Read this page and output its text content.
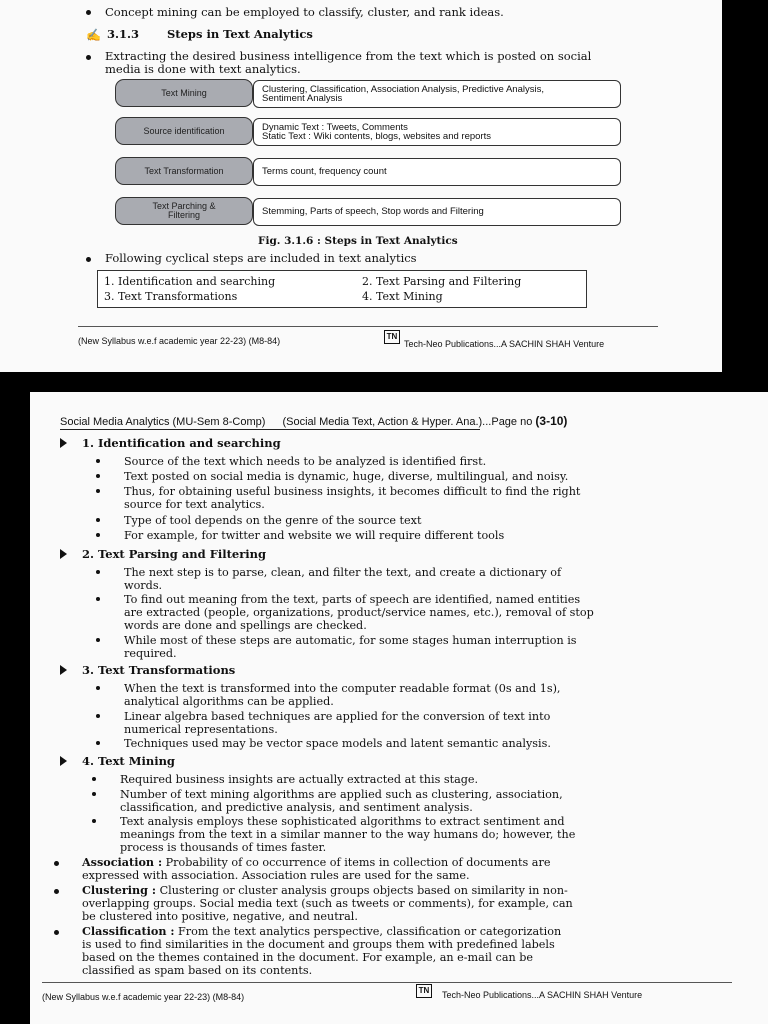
Concept mining can be employed to classify, cluster, and rank ideas.
✍ 3.1.3 Steps in Text Analytics
Extracting the desired business intelligence from the text which is posted on social
media is done with text analytics.
Text Mining	Clustering, Classification, Association Analysis, Predictive Analysis,
Sentiment Analysis
Source identification	Dynamic Text : Tweets, Comments
Static Text : Wiki contents, blogs, websites and reports
Text Transformation	Terms count, frequency count
Text Parching & Filtering	Stemming, Parts of speech, Stop words and Filtering
Fig. 3.1.6 : Steps in Text Analytics
Following cyclical steps are included in text analytics
1. Identification and searching	2. Text Parsing and Filtering
3. Text Transformations	4. Text Mining
(New Syllabus w.e.f academic year 22-23) (M8-84)	TN
Tech-Neo Publications...A SACHIN SHAH Venture
Social Media Analytics (MU-Sem 8-Comp) (Social Media Text, Action & Hyper. Ana.)...Page no (3-10)
1. Identification and searching
Source of the text which needs to be analyzed is identified first.
Text posted on social media is dynamic, huge, diverse, multilingual, and noisy.
Thus, for obtaining useful business insights, it becomes difficult to find the right
source for text analytics.
Type of tool depends on the genre of the source text
For example, for twitter and website we will require different tools
2. Text Parsing and Filtering
The next step is to parse, clean, and filter the text, and create a dictionary of
words.
To find out meaning from the text, parts of speech are identified, named entities
are extracted (people, organizations, product/service names, etc.), removal of stop
words are done and spellings are checked.
While most of these steps are automatic, for some stages human interruption is
required.
3. Text Transformations
When the text is transformed into the computer readable format (0s and 1s),
analytical algorithms can be applied.
Linear algebra based techniques are applied for the conversion of text into
numerical representations.
Techniques used may be vector space models and latent semantic analysis.
4. Text Mining
Required business insights are actually extracted at this stage.
Number of text mining algorithms are applied such as clustering, association,
classification, and predictive analysis, and sentiment analysis.
Text analysis employs these sophisticated algorithms to extract sentiment and
meanings from the text in a similar manner to the way humans do; however, the
process is thousands of times faster.
Association : Probability of co occurrence of items in collection of documents are
expressed with association. Association rules are used for the same.
Clustering : Clustering or cluster analysis groups objects based on similarity in non-
overlapping groups. Social media text (such as tweets or comments), for example, can
be clustered into positive, negative, and neutral.
Classification : From the text analytics perspective, classification or categorization
is used to find similarities in the document and groups them with predefined labels
based on the themes contained in the document. For example, an e-mail can be
classified as spam based on its contents.
(New Syllabus w.e.f academic year 22-23) (M8-84)
TN Tech-Neo Publications...A SACHIN SHAH Venture
